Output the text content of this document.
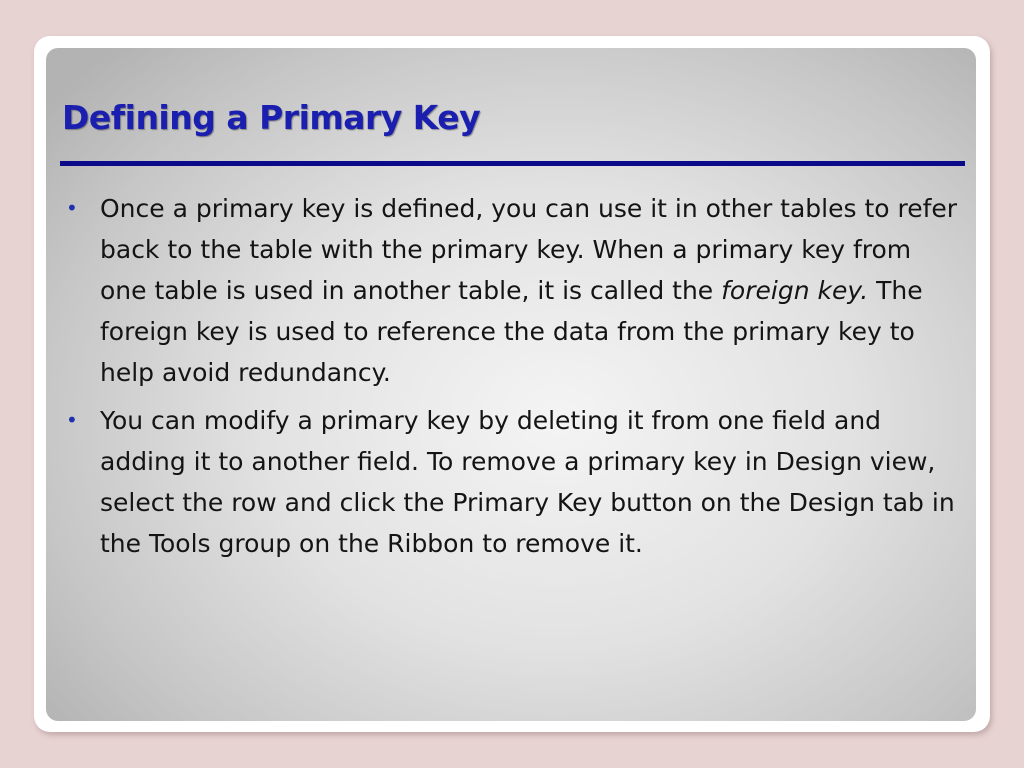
Defining a Primary Key
• Once a primary key is defined, you can use it in other tables to refer back to the table with the primary key. When a primary key from one table is used in another table, it is called the foreign key. The foreign key is used to reference the data from the primary key to help avoid redundancy.
• You can modify a primary key by deleting it from one field and adding it to another field. To remove a primary key in Design view, select the row and click the Primary Key button on the Design tab in the Tools group on the Ribbon to remove it.
